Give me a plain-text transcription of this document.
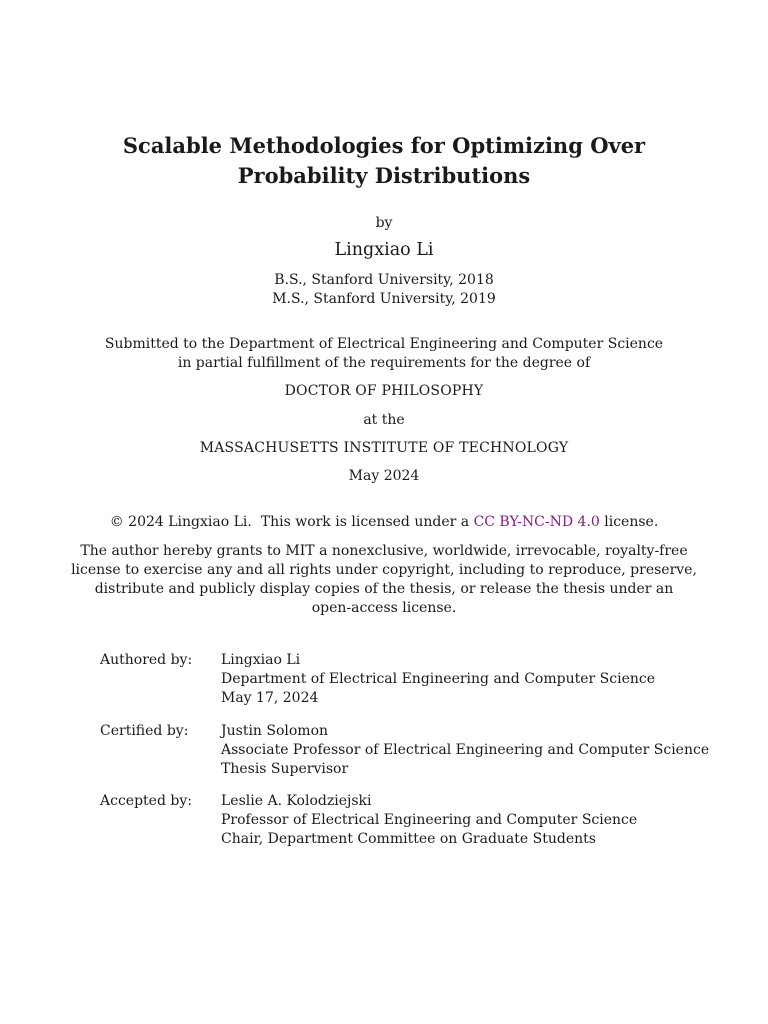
Scalable Methodologies for Optimizing Over
Probability Distributions
by
Lingxiao Li
B.S., Stanford University, 2018
M.S., Stanford University, 2019
Submitted to the Department of Electrical Engineering and Computer Science
in partial fulfillment of the requirements for the degree of
DOCTOR OF PHILOSOPHY
at the
MASSACHUSETTS INSTITUTE OF TECHNOLOGY
May 2024
© 2024 Lingxiao Li.  This work is licensed under a CC BY-NC-ND 4.0 license.
The author hereby grants to MIT a nonexclusive, worldwide, irrevocable, royalty-free
license to exercise any and all rights under copyright, including to reproduce, preserve,
distribute and publicly display copies of the thesis, or release the thesis under an
open-access license.
Authored by: Lingxiao Li
Department of Electrical Engineering and Computer Science
May 17, 2024
Certified by: Justin Solomon
Associate Professor of Electrical Engineering and Computer Science
Thesis Supervisor
Accepted by: Leslie A. Kolodziejski
Professor of Electrical Engineering and Computer Science
Chair, Department Committee on Graduate Students
